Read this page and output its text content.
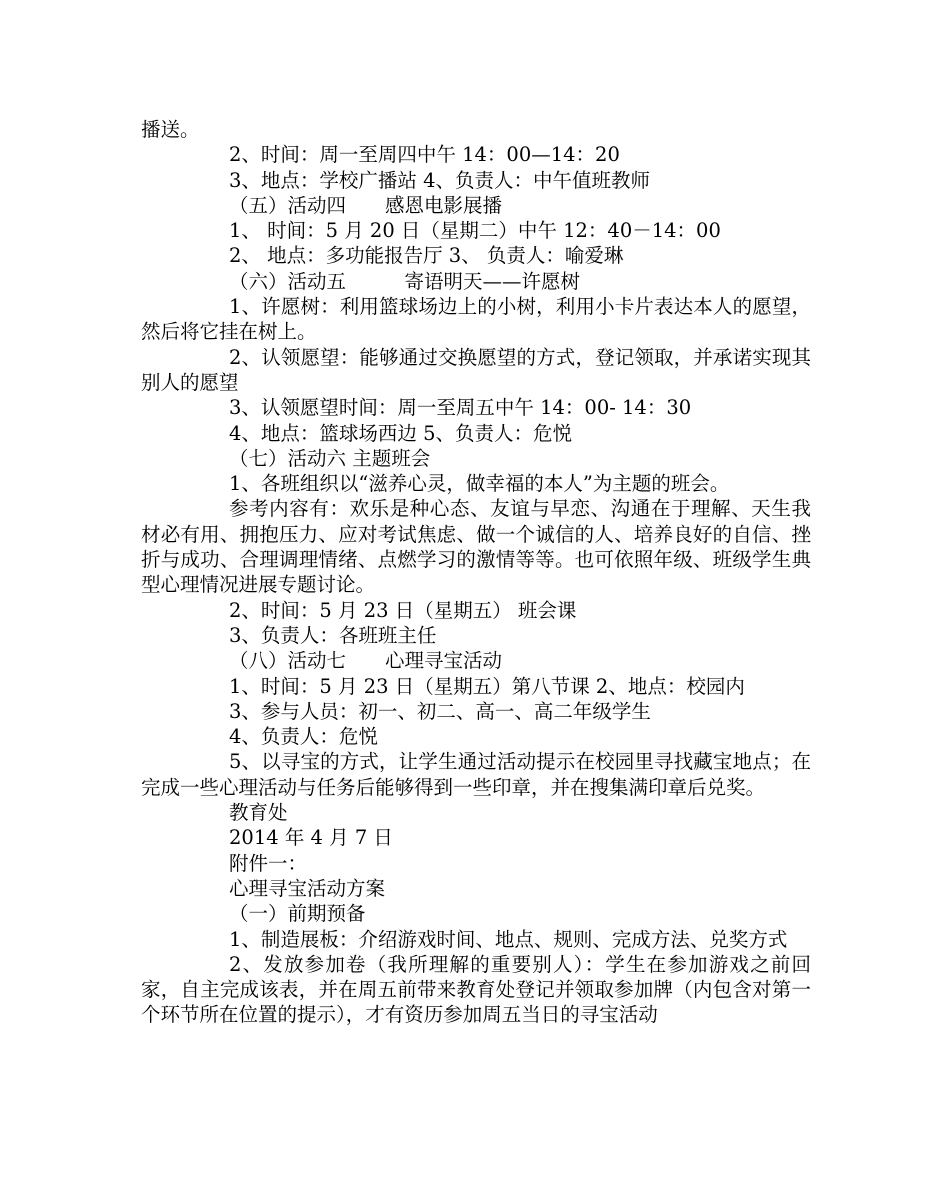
播送。

2、时间：周一至周四中午 14：00—14：20

3、地点：学校广播站 4、负责人：中午值班教师

（五）活动四　　感恩电影展播

1、 时间：5 月 20 日（星期二）中午 12：40－14：00

2、 地点：多功能报告厅 3、 负责人：喻爱琳

（六）活动五　　　寄语明天——许愿树

1、许愿树：利用篮球场边上的小树，利用小卡片表达本人的愿望，然后将它挂在树上。

2、认领愿望：能够通过交换愿望的方式，登记领取，并承诺实现其别人的愿望

3、认领愿望时间：周一至周五中午 14：00- 14：30

4、地点：篮球场西边 5、负责人：危悦

（七）活动六 主题班会

1、各班组织以“滋养心灵，做幸福的本人”为主题的班会。

参考内容有：欢乐是种心态、友谊与早恋、沟通在于理解、天生我材必有用、拥抱压力、应对考试焦虑、做一个诚信的人、培养良好的自信、挫折与成功、合理调理情绪、点燃学习的激情等等。也可依照年级、班级学生典型心理情况进展专题讨论。

2、时间：5 月 23 日（星期五） 班会课

3、负责人：各班班主任

（八）活动七　　心理寻宝活动

1、时间：5 月 23 日（星期五）第八节课 2、地点：校园内

3、参与人员：初一、初二、高一、高二年级学生

4、负责人：危悦

5、以寻宝的方式，让学生通过活动提示在校园里寻找藏宝地点；在完成一些心理活动与任务后能够得到一些印章，并在搜集满印章后兑奖。

教育处

2014 年 4 月 7 日

附件一：

心理寻宝活动方案

（一）前期预备

1、制造展板：介绍游戏时间、地点、规则、完成方法、兑奖方式

2、发放参加卷（我所理解的重要别人）：学生在参加游戏之前回家，自主完成该表，并在周五前带来教育处登记并领取参加牌（内包含对第一个环节所在位置的提示），才有资历参加周五当日的寻宝活动
